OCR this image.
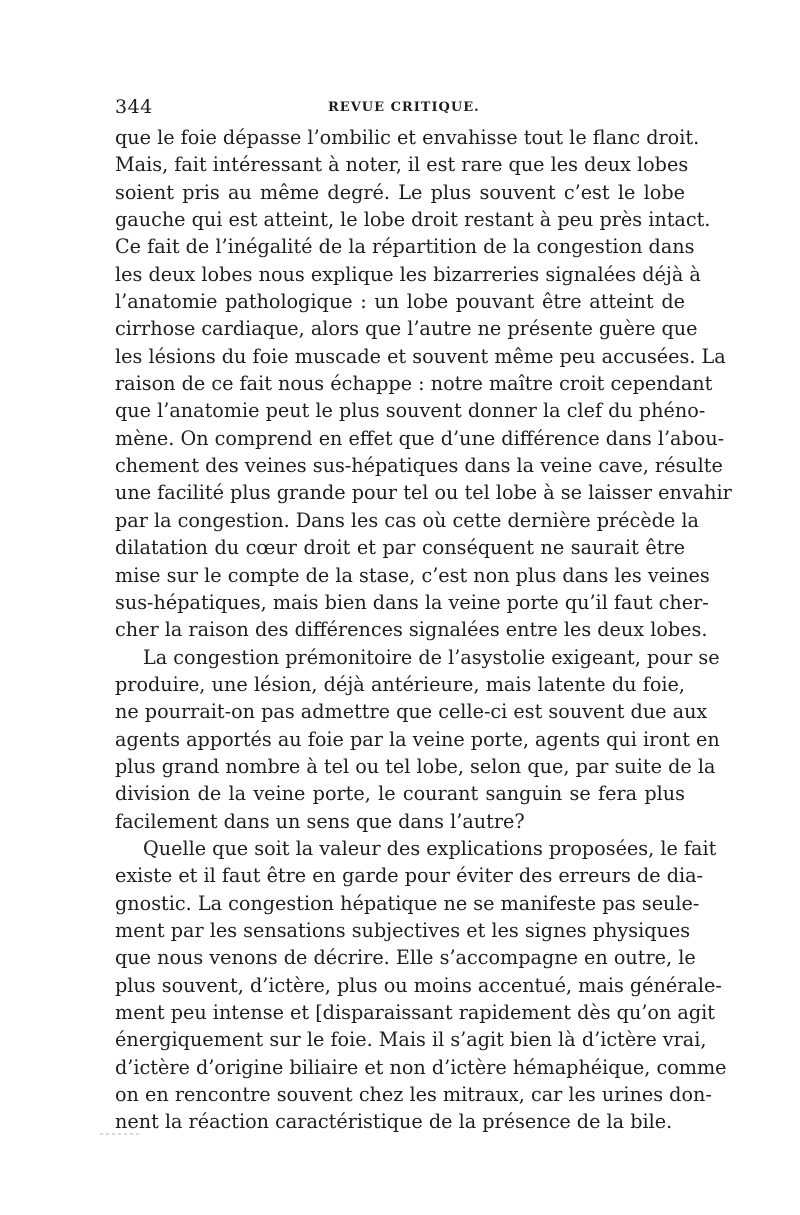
344	REVUE CRITIQUE.
que le foie dépasse l’ombilic et envahisse tout le flanc droit.
Mais, fait intéressant à noter, il est rare que les deux lobes
soient pris au même degré. Le plus souvent c’est le lobe
gauche qui est atteint, le lobe droit restant à peu près intact.
Ce fait de l’inégalité de la répartition de la congestion dans
les deux lobes nous explique les bizarreries signalées déjà à
l’anatomie pathologique : un lobe pouvant être atteint de
cirrhose cardiaque, alors que l’autre ne présente guère que
les lésions du foie muscade et souvent même peu accusées. La
raison de ce fait nous échappe : notre maître croit cependant
que l’anatomie peut le plus souvent donner la clef du phéno-
mène. On comprend en effet que d’une différence dans l’abou-
chement des veines sus-hépatiques dans la veine cave, résulte
une facilité plus grande pour tel ou tel lobe à se laisser envahir
par la congestion. Dans les cas où cette dernière précède la
dilatation du cœur droit et par conséquent ne saurait être
mise sur le compte de la stase, c’est non plus dans les veines
sus-hépatiques, mais bien dans la veine porte qu’il faut cher-
cher la raison des différences signalées entre les deux lobes.
La congestion prémonitoire de l’asystolie exigeant, pour se
produire, une lésion, déjà antérieure, mais latente du foie,
ne pourrait-on pas admettre que celle-ci est souvent due aux
agents apportés au foie par la veine porte, agents qui iront en
plus grand nombre à tel ou tel lobe, selon que, par suite de la
division de la veine porte, le courant sanguin se fera plus
facilement dans un sens que dans l’autre?
Quelle que soit la valeur des explications proposées, le fait
existe et il faut être en garde pour éviter des erreurs de dia-
gnostic. La congestion hépatique ne se manifeste pas seule-
ment par les sensations subjectives et les signes physiques
que nous venons de décrire. Elle s’accompagne en outre, le
plus souvent, d’ictère, plus ou moins accentué, mais générale-
ment peu intense et [disparaissant rapidement dès qu’on agit
énergiquement sur le foie. Mais il s’agit bien là d’ictère vrai,
d’ictère d’origine biliaire et non d’ictère hémaphéique, comme
on en rencontre souvent chez les mitraux, car les urines don-
nent la réaction caractéristique de la présence de la bile.
